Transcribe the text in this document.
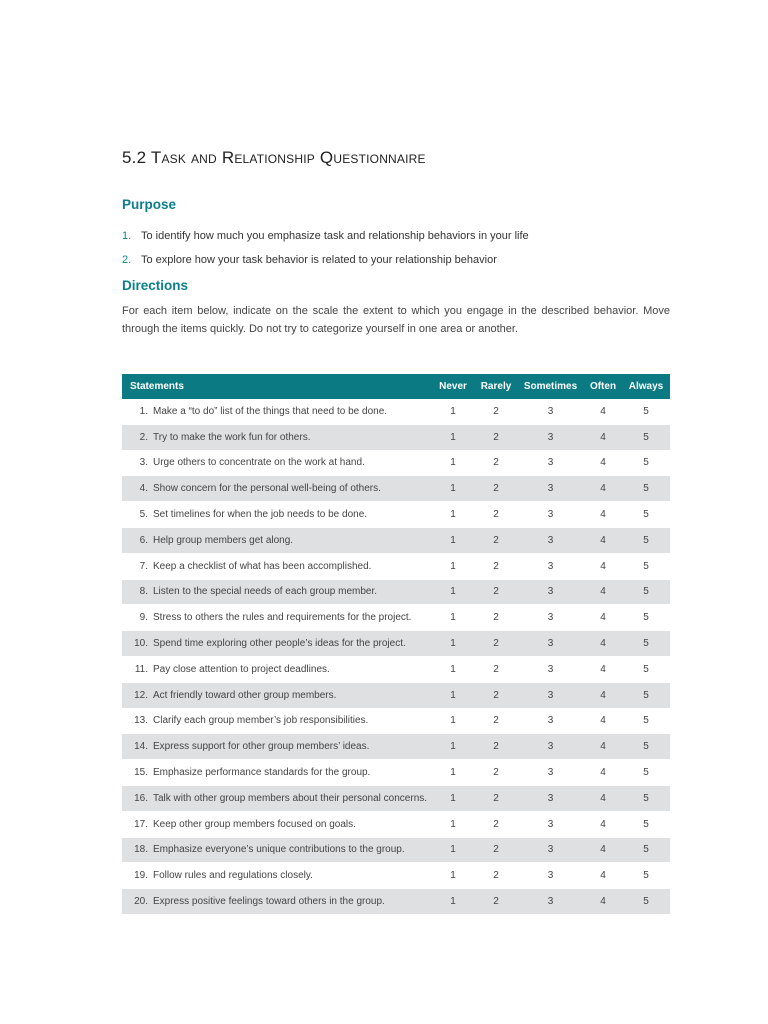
5.2 Task and Relationship Questionnaire
Purpose
1. To identify how much you emphasize task and relationship behaviors in your life
2. To explore how your task behavior is related to your relationship behavior
Directions
For each item below, indicate on the scale the extent to which you engage in the described behavior. Move through the items quickly. Do not try to categorize yourself in one area or another.
Statements		Never	Rarely	Sometimes	Often	Always
1.	Make a “to do” list of the things that need to be done.	1	2	3	4	5
2.	Try to make the work fun for others.	1	2	3	4	5
3.	Urge others to concentrate on the work at hand.	1	2	3	4	5
4.	Show concern for the personal well-being of others.	1	2	3	4	5
5.	Set timelines for when the job needs to be done.	1	2	3	4	5
6.	Help group members get along.	1	2	3	4	5
7.	Keep a checklist of what has been accomplished.	1	2	3	4	5
8.	Listen to the special needs of each group member.	1	2	3	4	5
9.	Stress to others the rules and requirements for the project.	1	2	3	4	5
10.	Spend time exploring other people’s ideas for the project.	1	2	3	4	5
11.	Pay close attention to project deadlines.	1	2	3	4	5
12.	Act friendly toward other group members.	1	2	3	4	5
13.	Clarify each group member’s job responsibilities.	1	2	3	4	5
14.	Express support for other group members’ ideas.	1	2	3	4	5
15.	Emphasize performance standards for the group.	1	2	3	4	5
16.	Talk with other group members about their personal concerns.	1	2	3	4	5
17.	Keep other group members focused on goals.	1	2	3	4	5
18.	Emphasize everyone’s unique contributions to the group.	1	2	3	4	5
19.	Follow rules and regulations closely.	1	2	3	4	5
20.	Express positive feelings toward others in the group.	1	2	3	4	5
